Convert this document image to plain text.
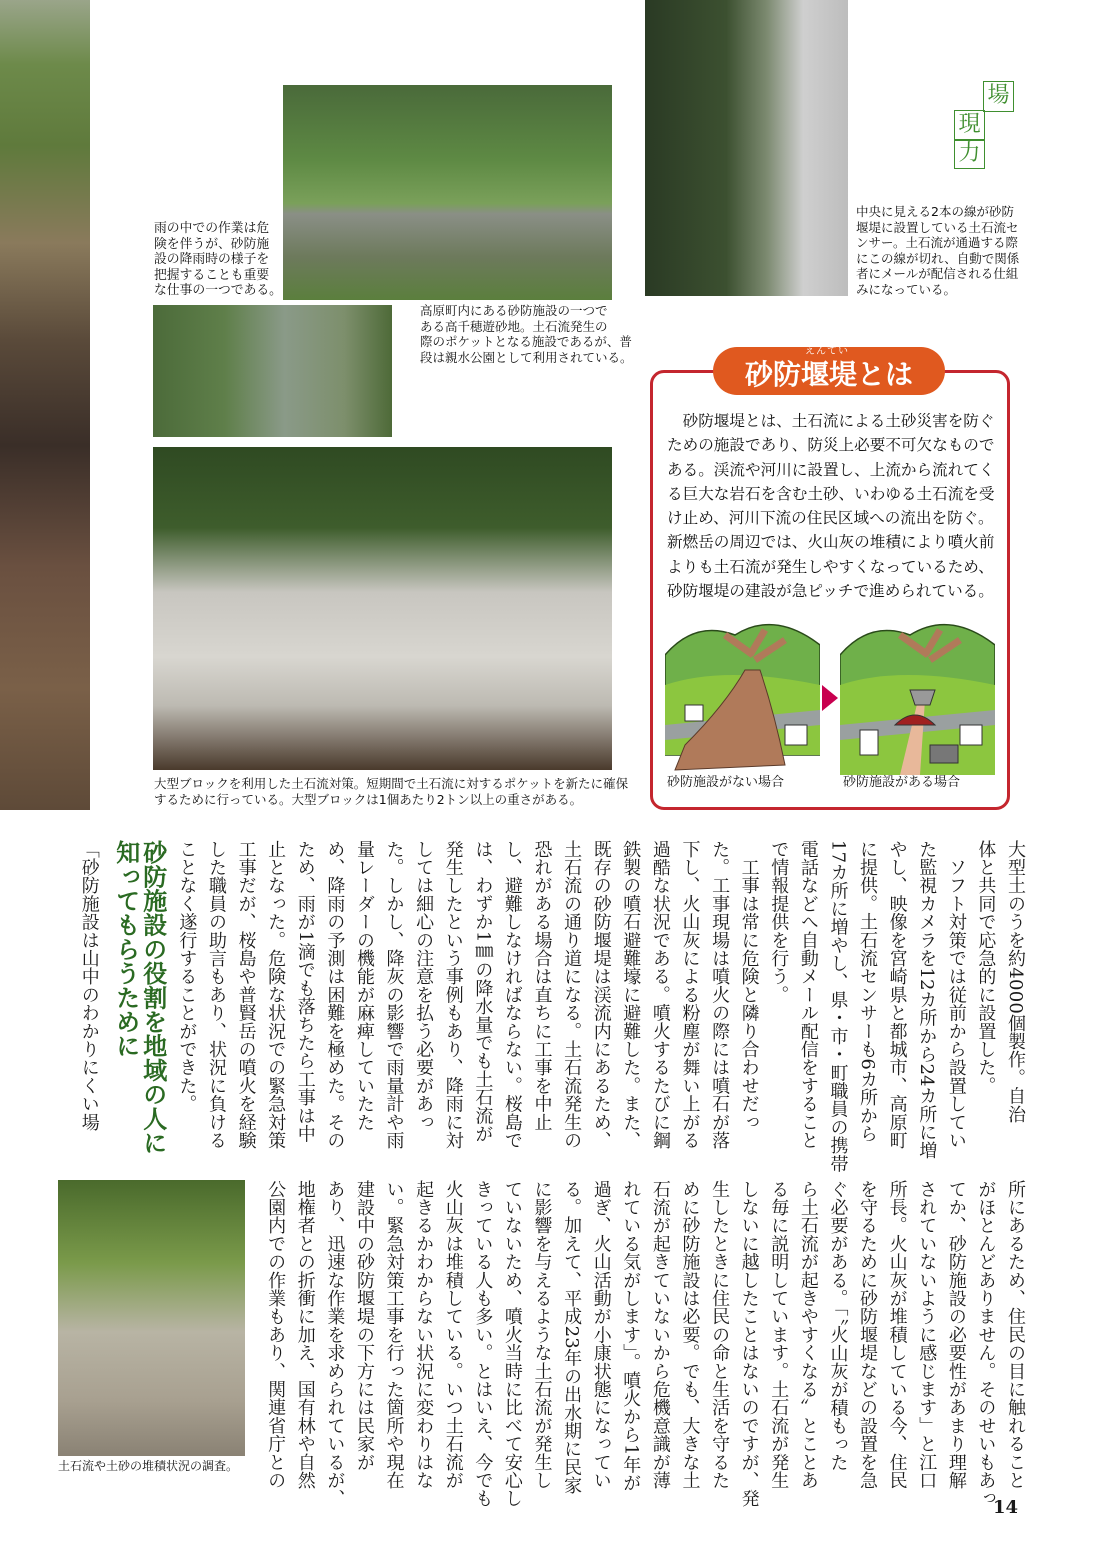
雨の中での作業は危
険を伴うが、砂防施
設の降雨時の様子を
把握することも重要
な仕事の一つである。
高原町内にある砂防施設の一つで
ある高千穂遊砂地。土石流発生の
際のポケットとなる施設であるが、普
段は親水公園として利用されている。
中央に見える2本の線が砂防
堰堤に設置している土石流セ
ンサー。土石流が通過する際
にこの線が切れ、自動で関係
者にメールが配信される仕組
みになっている。
大型ブロックを利用した土石流対策。短期間で土石流に対するポケットを新たに確保
するために行っている。大型ブロックは1個あたり2トン以上の重さがある。
土石流や土砂の堆積状況の調査。
場
現
力
砂防堰堤とは
えんてい
　砂防堰堤とは、土石流による土砂災害を防ぐ
ための施設であり、防災上必要不可欠なもので
ある。渓流や河川に設置し、上流から流れてく
る巨大な岩石を含む土砂、いわゆる土石流を受
け止め、河川下流の住民区域への流出を防ぐ。
新燃岳の周辺では、火山灰の堆積により噴火前
よりも土石流が発生しやすくなっているため、
砂防堰堤の建設が急ピッチで進められている。
砂防施設がない場合	砂防施設がある場合
大型土のうを約4000個製作。自治
体と共同で応急的に設置した。
　ソフト対策では従前から設置してい
た監視カメラを12カ所から24カ所に増
やし、映像を宮崎県と都城市、高原町
に提供。土石流センサーも6カ所から
17カ所に増やし、県・市・町職員の携帯
電話などへ自動メール配信をすること
で情報提供を行う。
　工事は常に危険と隣り合わせだっ
た。工事現場は噴火の際には噴石が落
下し、火山灰による粉塵が舞い上がる
過酷な状況である。噴火するたびに鋼
鉄製の噴石避難壕に避難した。また、
既存の砂防堰堤は渓流内にあるため、
土石流の通り道になる。土石流発生の
恐れがある場合は直ちに工事を中止
し、避難しなければならない。桜島で
は、わずか1㎜の降水量でも土石流が
発生したという事例もあり、降雨に対
しては細心の注意を払う必要があっ
た。しかし、降灰の影響で雨量計や雨
量レーダーの機能が麻痺していたた
め、降雨の予測は困難を極めた。その
ため、雨が1滴でも落ちたら工事は中
止となった。危険な状況での緊急対策
工事だが、桜島や普賢岳の噴火を経験
した職員の助言もあり、状況に負ける
ことなく遂行することができた。
砂防施設の役割を地域の人に
知ってもらうために
「砂防施設は山中のわかりにくい場
所にあるため、住民の目に触れること
がほとんどありません。そのせいもあっ
てか、砂防施設の必要性があまり理解
されていないように感じます」と江口
所長。火山灰が堆積している今、住民
を守るために砂防堰堤などの設置を急
ぐ必要がある。「〝火山灰が積もった
ら土石流が起きやすくなる〟とことあ
る毎に説明しています。土石流が発生
しないに越したことはないのですが、発
生したときに住民の命と生活を守るた
めに砂防施設は必要。でも、大きな土
石流が起きていないから危機意識が薄
れている気がします」。噴火から1年が
過ぎ、火山活動が小康状態になってい
る。加えて、平成23年の出水期に民家
に影響を与えるような土石流が発生し
ていないため、噴火当時に比べて安心し
きっている人も多い。とはいえ、今でも
火山灰は堆積している。いつ土石流が
起きるかわからない状況に変わりはな
い。緊急対策工事を行った箇所や現在
建設中の砂防堰堤の下方には民家が
あり、迅速な作業を求められているが、
地権者との折衝に加え、国有林や自然
公園内での作業もあり、関連省庁との
14
